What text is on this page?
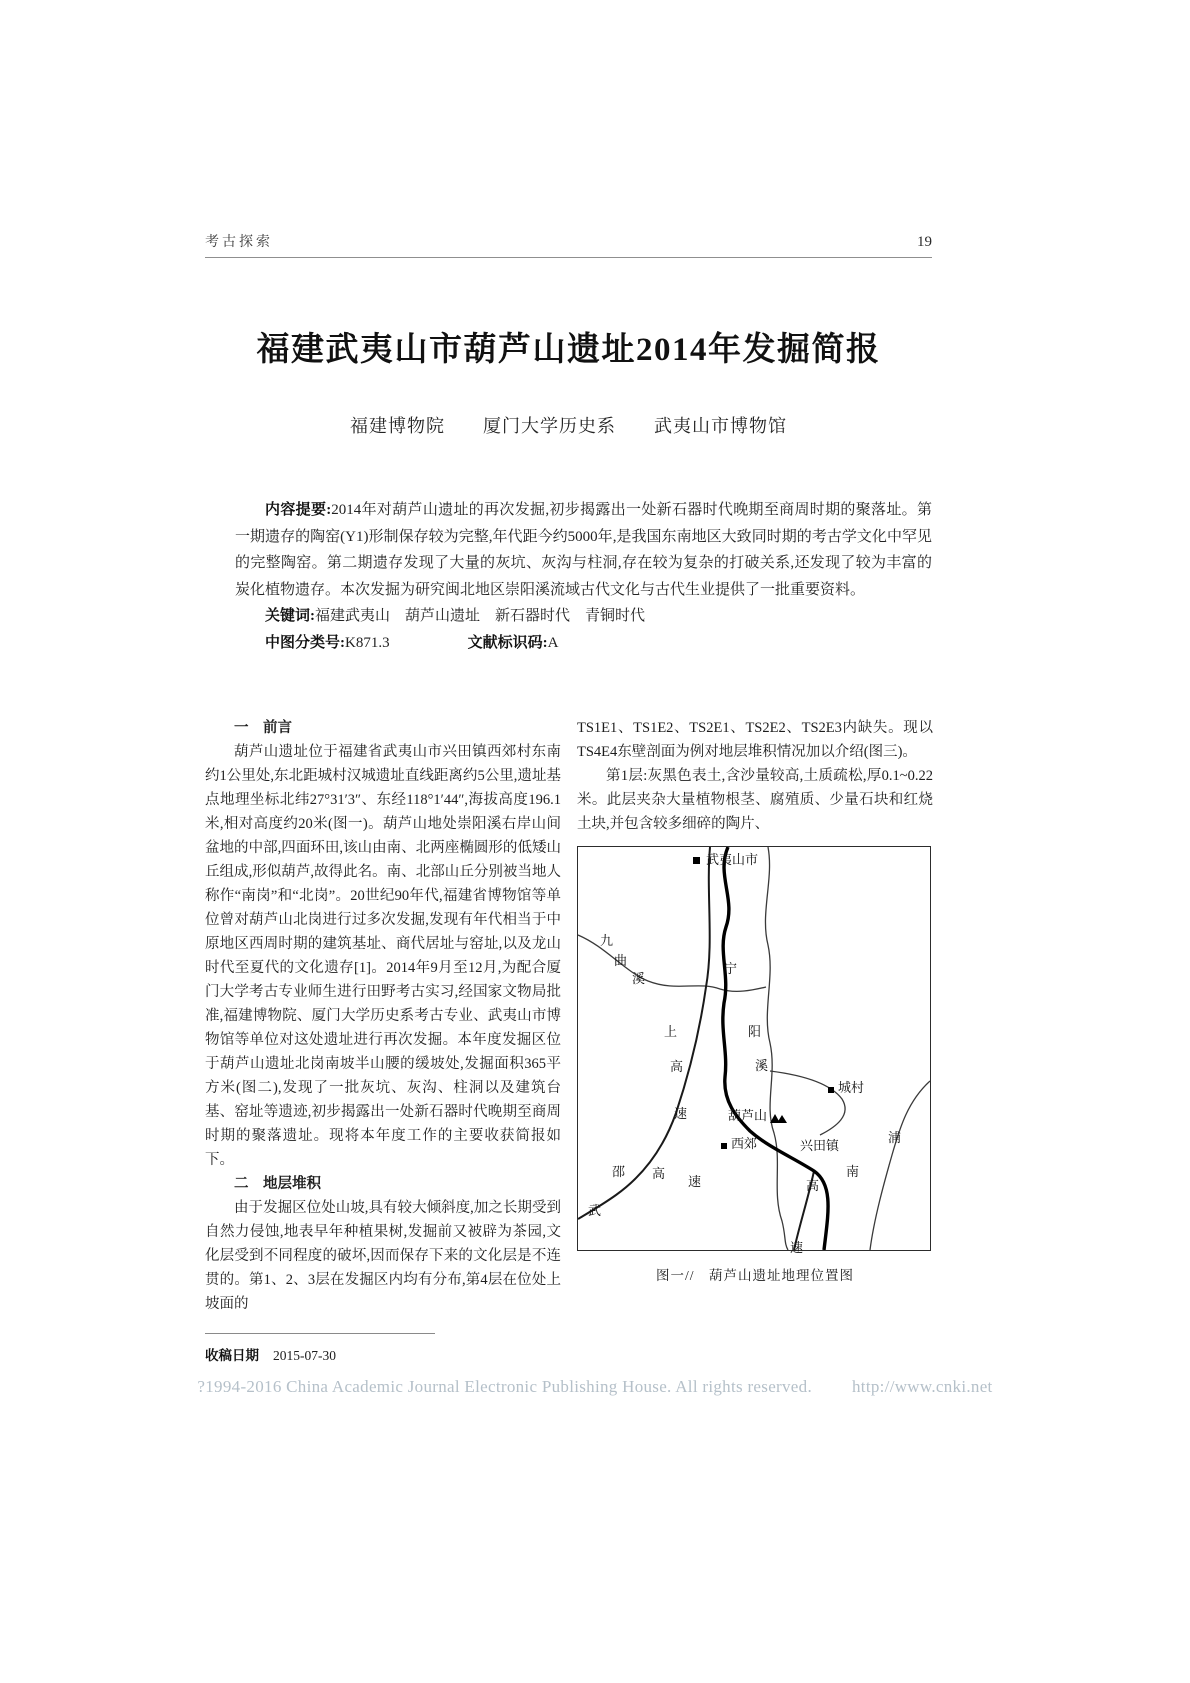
考古探索	19
福建武夷山市葫芦山遗址2014年发掘简报
福建博物院　　厦门大学历史系　　武夷山市博物馆

内容提要:2014年对葫芦山遗址的再次发掘,初步揭露出一处新石器时代晚期至商周时期的聚落址。第一期遗存的陶窑(Y1)形制保存较为完整,年代距今约5000年,是我国东南地区大致同时期的考古学文化中罕见的完整陶窑。第二期遗存发现了大量的灰坑、灰沟与柱洞,存在较为复杂的打破关系,还发现了较为丰富的炭化植物遗存。本次发掘为研究闽北地区崇阳溪流域古代文化与古代生业提供了一批重要资料。

关键词:福建武夷山　葫芦山遗址　新石器时代　青铜时代

中图分类号:K871.3	文献标识码:A

一　前言

葫芦山遗址位于福建省武夷山市兴田镇西郊村东南约1公里处,东北距城村汉城遗址直线距离约5公里,遗址基点地理坐标北纬27°31′3″、东经118°1′44″,海拔高度196.1米,相对高度约20米(图一)。葫芦山地处崇阳溪右岸山间盆地的中部,四面环田,该山由南、北两座椭圆形的低矮山丘组成,形似葫芦,故得此名。南、北部山丘分别被当地人称作“南岗”和“北岗”。20世纪90年代,福建省博物馆等单位曾对葫芦山北岗进行过多次发掘,发现有年代相当于中原地区西周时期的建筑基址、商代居址与窑址,以及龙山时代至夏代的文化遗存[1]。2014年9月至12月,为配合厦门大学考古专业师生进行田野考古实习,经国家文物局批准,福建博物院、厦门大学历史系考古专业、武夷山市博物馆等单位对这处遗址进行再次发掘。本年度发掘区位于葫芦山遗址北岗南坡半山腰的缓坡处,发掘面积365平方米(图二),发现了一批灰坑、灰沟、柱洞以及建筑台基、窑址等遗迹,初步揭露出一处新石器时代晚期至商周时期的聚落遗址。现将本年度工作的主要收获简报如下。

二　地层堆积

由于发掘区位处山坡,具有较大倾斜度,加之长期受到自然力侵蚀,地表早年种植果树,发掘前又被辟为茶园,文化层受到不同程度的破坏,因而保存下来的文化层是不连贯的。第1、2、3层在发掘区内均有分布,第4层在位处上坡面的

TS1E1、TS1E2、TS2E1、TS2E2、TS2E3内缺失。现以TS4E4东壁剖面为例对地层堆积情况加以介绍(图三)。

第1层:灰黑色表土,含沙量较高,土质疏松,厚0.1~0.22米。此层夹杂大量植物根茎、腐殖质、少量石块和红烧土块,并包含较多细碎的陶片、

武夷山市
九
曲
溪
宁
上
高
速
阳
溪
城村
葫芦山
西郊	兴田镇
浦
南
邵 高
速
武
高
速
图一//　葫芦山遗址地理位置图
收稿日期 2015-07-30
?1994-2016 China Academic Journal Electronic Publishing House. All rights reserved. http://www.cnki.net
